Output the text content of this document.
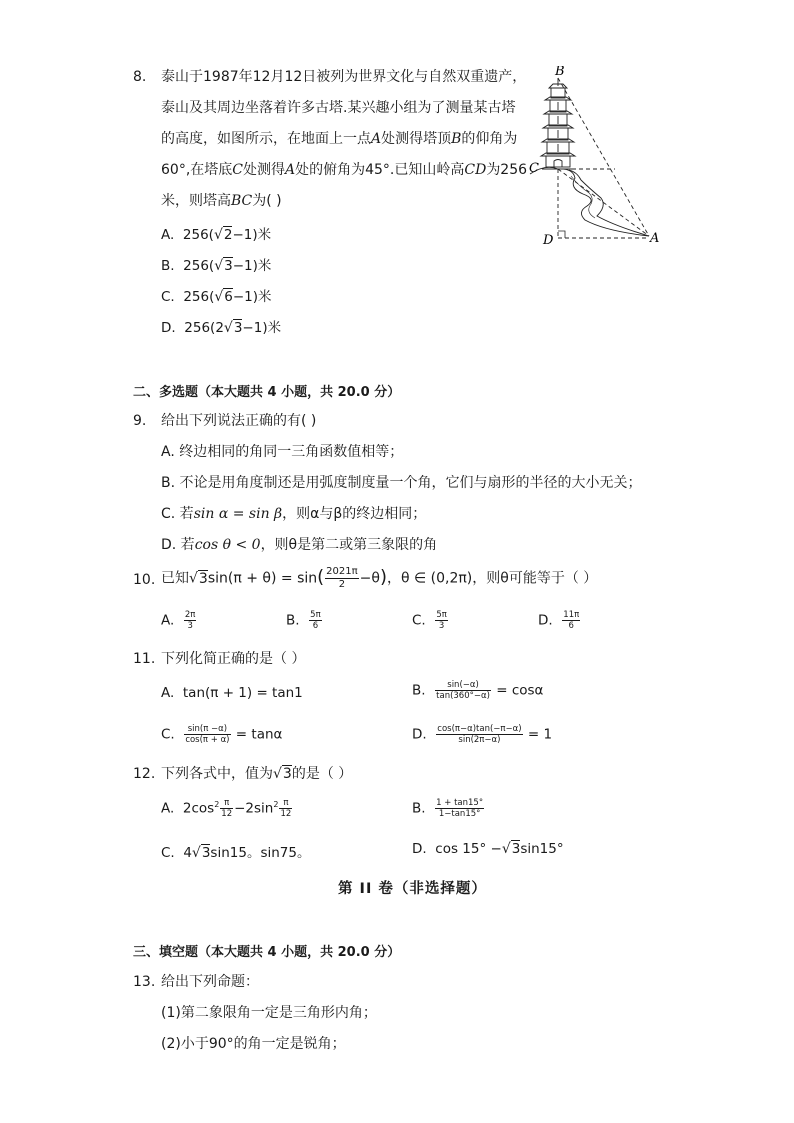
8. 泰山于1987年12月12日被列为世界文化与自然双重遗产，
泰山及其周边坐落着许多古塔.某兴趣小组为了测量某古塔
的高度，如图所示，在地面上一点A处测得塔顶B的仰角为
60°,在塔底C处测得A处的俯角为45°.已知山岭高CD为256
米，则塔高BC为( )
A. 256(√2−1)米
B. 256(√3−1)米
C. 256(√6−1)米
D. 256(2√3−1)米
B
C
D	A
二、多选题（本大题共 4 小题，共 20.0 分）
9. 给出下列说法正确的有( )
A. 终边相同的角同一三角函数值相等；
B. 不论是用角度制还是用弧度制度量一个角，它们与扇形的半径的大小无关；
C. 若sin α = sin β，则α与β的终边相同；
D. 若cos θ < 0，则θ是第二或第三象限的角
10. 已知$√3\sin(\pi + \theta) = \sin( \frac{2021\pi}{2} -\theta)$，θ ∈ (0,2π)，则θ可能等于（ ）
A. $\frac{2\pi}{3}$	B. $\frac{5\pi}{6}$	C. $\frac{5\pi}{3}$	D. $\frac{11\pi}{6}$
11. 下列化简正确的是（ ）
A. tan(π + 1) = tan1	B. $\frac{\sin(-\alpha)}{\tan(360^\circ-\alpha)} = \cos\alpha$
C. $\frac{\sin(\pi -\alpha)}{\cos(\pi + \alpha)} = \tan\alpha$	D. $\frac{\cos(\pi-\alpha)\tan(-\pi-\alpha)}{\sin(2\pi-\alpha)} = 1$
12. 下列各式中，值为√3的是（ ）
A. $2\cos^2 \frac{\pi}{12} -2\sin^2 \frac{\pi}{12}$	B. $\frac{1 + \tan 15^\circ}{1-\tan 15^\circ}$
C. 4√3sin15。sin75。	D. cos 15° −√3sin15°
第 II 卷（非选择题）
三、填空题（本大题共 4 小题，共 20.0 分）
13. 给出下列命题：
(1)第二象限角一定是三角形内角；
(2)小于90°的角一定是锐角；
